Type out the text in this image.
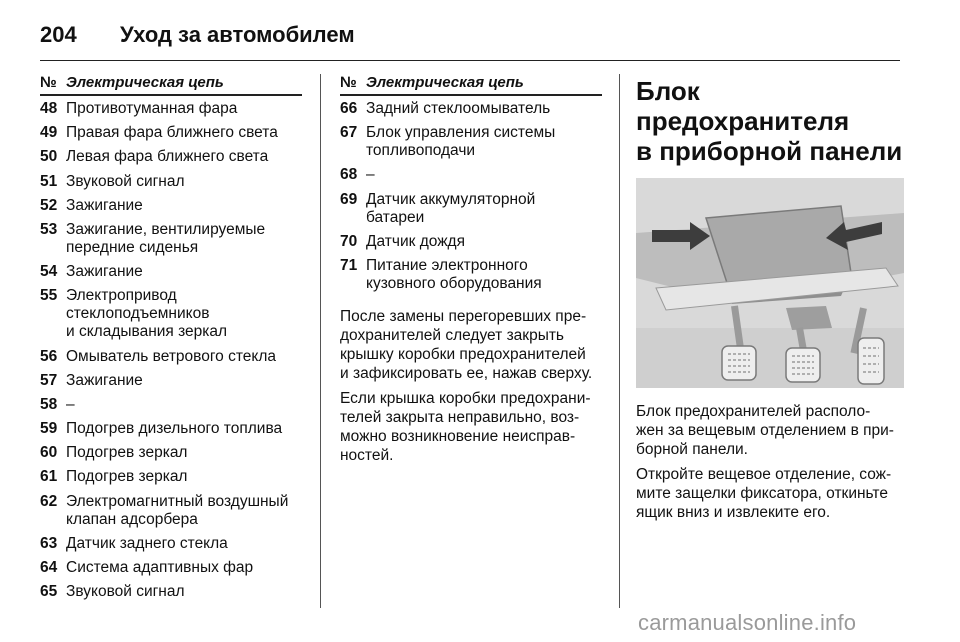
204 Уход за автомобилем
№ Электрическая цепь
48 Противотуманная фара
49 Правая фара ближнего света
50 Левая фара ближнего света
51 Звуковой сигнал
52 Зажигание
53 Зажигание, вентилируемые
передние сиденья
54 Зажигание
55 Электропривод
стеклоподъемников
и складывания зеркал
56 Омыватель ветрового стекла
57 Зажигание
58 –
59 Подогрев дизельного топлива
60 Подогрев зеркал
61 Подогрев зеркал
62 Электромагнитный воздушный
клапан адсорбера
63 Датчик заднего стекла
64 Система адаптивных фар
65 Звуковой сигнал
№ Электрическая цепь
66 Задний стеклоомыватель
67 Блок управления системы
топливоподачи
68 –
69 Датчик аккумуляторной
батареи
70 Датчик дождя
71 Питание электронного
кузовного оборудования
После замены перегоревших пре-
дохранителей следует закрыть
крышку коробки предохранителей
и зафиксировать ее, нажав сверху.
Если крышка коробки предохрани-
телей закрыта неправильно, воз-
можно возникновение неисправ-
ностей.
Блок предохранителя
в приборной панели
Блок предохранителей располо-
жен за вещевым отделением в при-
борной панели.
Откройте вещевое отделение, сож-
мите защелки фиксатора, откиньте
ящик вниз и извлеките его.
carmanualsonline.info
